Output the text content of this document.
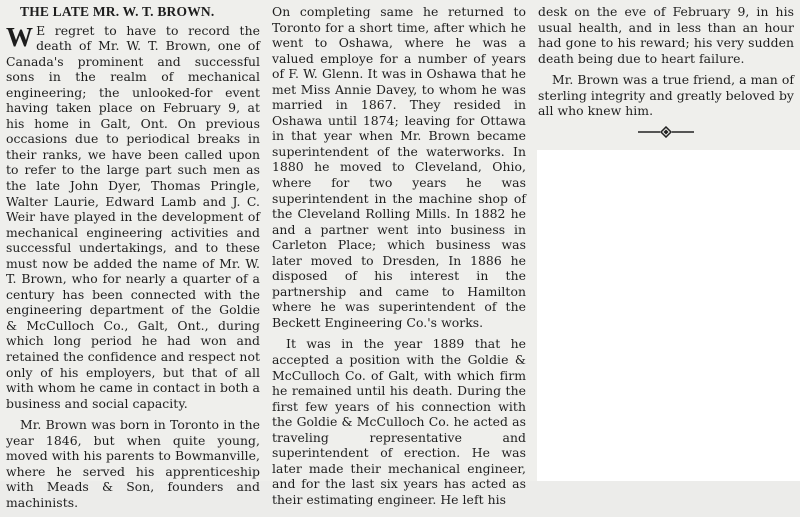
THE LATE MR. W. T. BROWN.

W E regret to have to record the death of Mr. W. T. Brown, one of Canada's prominent and successful sons in the realm of mechanical engineering; the unlooked-for event having taken place on February 9, at his home in Galt, Ont. On previous occasions due to periodical breaks in their ranks, we have been called upon to refer to the large part such men as the late John Dyer, Thomas Pringle, Walter Laurie, Edward Lamb and J. C. Weir have played in the development of mechanical engineering activities and successful undertakings, and to these must now be added the name of Mr. W. T. Brown, who for nearly a quarter of a century has been connected with the engineering department of the Goldie & McCulloch Co., Galt, Ont., during which long period he had won and retained the confidence and respect not only of his employers, but that of all with whom he came in contact in both a business and social capacity.

Mr. Brown was born in Toronto in the year 1846, but when quite young, moved with his parents to Bowmanville, where he served his apprenticeship with Meads & Son, founders and machinists.

On completing same he returned to Toronto for a short time, after which he went to Oshawa, where he was a valued employe for a number of years of F. W. Glenn. It was in Oshawa that he met Miss Annie Davey, to whom he was married in 1867. They resided in Oshawa until 1874; leaving for Ottawa in that year when Mr. Brown became superintendent of the waterworks. In 1880 he moved to Cleveland, Ohio, where for two years he was superintendent in the machine shop of the Cleveland Rolling Mills. In 1882 he and a partner went into business in Carleton Place; which business was later moved to Dresden, In 1886 he disposed of his interest in the partnership and came to Hamilton where he was superintendent of the Beckett Engineering Co.'s works.

It was in the year 1889 that he accepted a position with the Goldie & McCulloch Co. of Galt, with which firm he remained until his death. During the first few years of his connection with the Goldie & McCulloch Co. he acted as traveling representative and superintendent of erection. He was later made their mechanical engineer, and for the last six years has acted as their estimating engineer. He left his

desk on the eve of February 9, in his usual health, and in less than an hour had gone to his reward; his very sudden death being due to heart failure.

Mr. Brown was a true friend, a man of sterling integrity and greatly beloved by all who knew him.
